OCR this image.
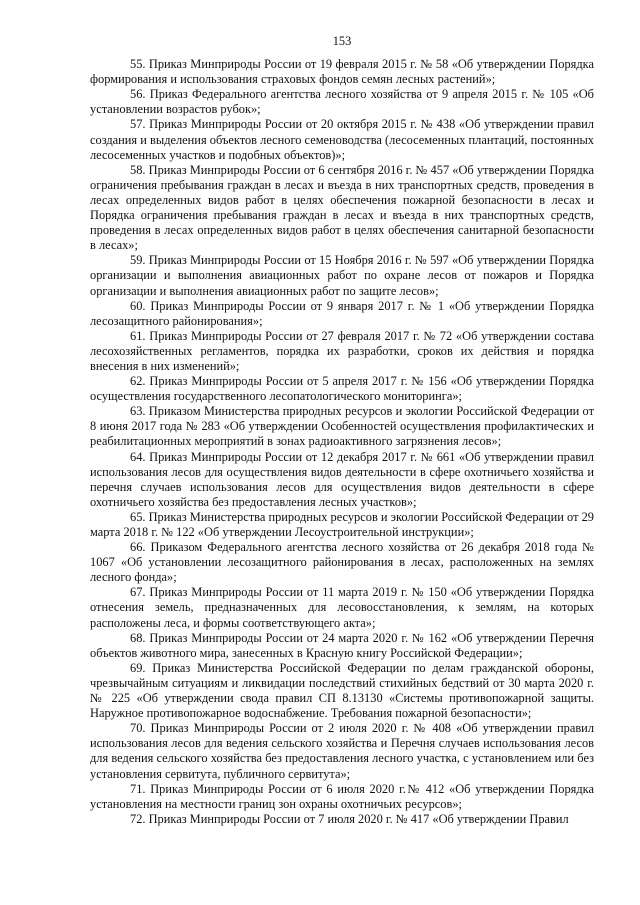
153

55. Приказ Минприроды России от 19 февраля 2015 г. № 58 «Об утверждении Порядка формирования и использования страховых фондов семян лесных растений»;

56. Приказ Федерального агентства лесного хозяйства от 9 апреля 2015 г. № 105 «Об установлении возрастов рубок»;

57. Приказ Минприроды России от 20 октября 2015 г. № 438 «Об утверждении правил создания и выделения объектов лесного семеноводства (лесосеменных плантаций, постоянных лесосеменных участков и подобных объектов)»;

58. Приказ Минприроды России от 6 сентября 2016 г. № 457 «Об утверждении Порядка ограничения пребывания граждан в лесах и въезда в них транспортных средств, проведения в лесах определенных видов работ в целях обеспечения пожарной безопасности в лесах и Порядка ограничения пребывания граждан в лесах и въезда в них транспортных средств, проведения в лесах определенных видов работ в целях обеспечения санитарной безопасности в лесах»;

59. Приказ Минприроды России от 15 Ноября 2016 г. № 597 «Об утверждении Порядка организации и выполнения авиационных работ по охране лесов от пожаров и Порядка организации и выполнения авиационных работ по защите лесов»;

60. Приказ Минприроды России от 9 января 2017 г. № 1 «Об утверждении Порядка лесозащитного районирования»;

61. Приказ Минприроды России от 27 февраля 2017 г. № 72 «Об утверждении состава лесохозяйственных регламентов, порядка их разработки, сроков их действия и порядка внесения в них изменений»;

62. Приказ Минприроды России от 5 апреля 2017 г. № 156 «Об утверждении Порядка осуществления государственного лесопатологического мониторинга»;

63. Приказом Министерства природных ресурсов и экологии Российской Федерации от 8 июня 2017 года № 283 «Об утверждении Особенностей осуществления профилактических и реабилитационных мероприятий в зонах радиоактивного загрязнения лесов»;

64. Приказ Минприроды России от 12 декабря 2017 г. № 661 «Об утверждении правил использования лесов для осуществления видов деятельности в сфере охотничьего хозяйства и перечня случаев использования лесов для осуществления видов деятельности в сфере охотничьего хозяйства без предоставления лесных участков»;

65. Приказ Министерства природных ресурсов и экологии Российской Федерации от 29 марта 2018 г. № 122 «Об утверждении Лесоустроительной инструкции»;

66. Приказом Федерального агентства лесного хозяйства от 26 декабря 2018 года № 1067 «Об установлении лесозащитного районирования в лесах, расположенных на землях лесного фонда»;

67. Приказ Минприроды России от 11 марта 2019 г. № 150 «Об утверждении Порядка отнесения земель, предназначенных для лесовосстановления, к землям, на которых расположены леса, и формы соответствующего акта»;

68. Приказ Минприроды России от 24 марта 2020 г. № 162 «Об утверждении Перечня объектов животного мира, занесенных в Красную книгу Российской Федерации»;

69. Приказ Министерства Российской Федерации по делам гражданской обороны, чрезвычайным ситуациям и ликвидации последствий стихийных бедствий от 30 марта 2020 г. № 225 «Об утверждении свода правил СП 8.13130 «Системы противопожарной защиты. Наружное противопожарное водоснабжение. Требования пожарной безопасности»;

70. Приказ Минприроды России от 2 июля 2020 г. № 408 «Об утверждении правил использования лесов для ведения сельского хозяйства и Перечня случаев использования лесов для ведения сельского хозяйства без предоставления лесного участка, с установлением или без установления сервитута, публичного сервитута»;

71. Приказ Минприроды России от 6 июля 2020 г.№ 412 «Об утверждении Порядка установления на местности границ зон охраны охотничьих ресурсов»;

72. Приказ Минприроды России от 7 июля 2020 г. № 417 «Об утверждении Правил
